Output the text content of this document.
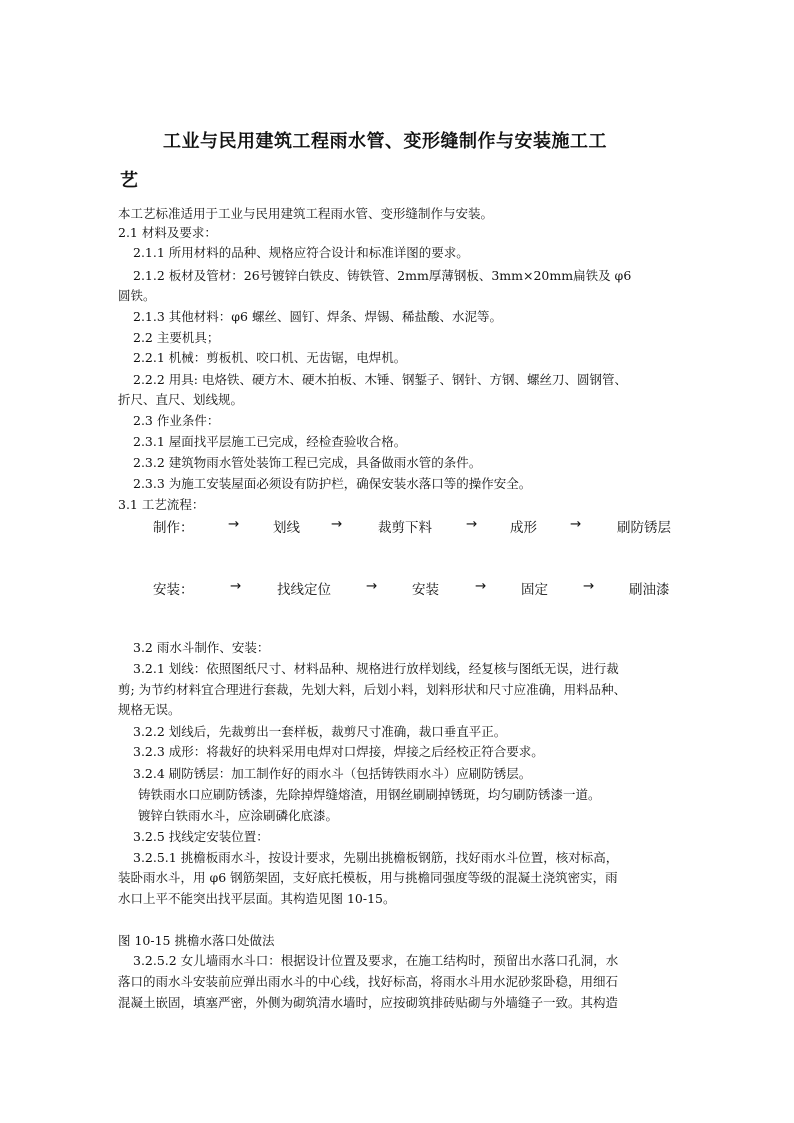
工业与民用建筑工程雨水管、变形缝制作与安装施工工
艺
本工艺标准适用于工业与民用建筑工程雨水管、变形缝制作与安装。
2.1 材料及要求：
2.1.1 所用材料的品种、规格应符合设计和标准详图的要求。
2.1.2 板材及管材：26号镀锌白铁皮、铸铁管、2mm厚薄钢板、3mm×20mm扁铁及 φ6
圆铁。
2.1.3 其他材料：φ6 螺丝、圆钉、焊条、焊锡、稀盐酸、水泥等。
2.2 主要机具；
2.2.1 机械：剪板机、咬口机、无齿锯，电焊机。
2.2.2 用具: 电烙铁、硬方木、硬木拍板、木锤、钢錾子、钢针、方钢、螺丝刀、圆钢管、
折尺、直尺、划线规。
2.3 作业条件：
2.3.1 屋面找平层施工已完成，经检查验收合格。
2.3.2 建筑物雨水管处装饰工程已完成，具备做雨水管的条件。
2.3.3 为施工安装屋面必须设有防护栏，确保安装水落口等的操作安全。
3.1 工艺流程：
制作：	→ 划线 →	裁剪下料	→ 成形 →	刷防锈层
安装：	→	找线定位	→	安装	→	固定	→	刷油漆
3.2 雨水斗制作、安装：
3.2.1 划线：依照图纸尺寸、材料品种、规格进行放样划线，经复核与图纸无误，进行裁
剪; 为节约材料宜合理进行套裁，先划大料，后划小料，划料形状和尺寸应准确，用料品种、
规格无误。
3.2.2 划线后，先裁剪出一套样板，裁剪尺寸准确，裁口垂直平正。
3.2.3 成形：将裁好的块料采用电焊对口焊接，焊接之后经校正符合要求。
3.2.4 刷防锈层：加工制作好的雨水斗（包括铸铁雨水斗）应刷防锈层。
铸铁雨水口应刷防锈漆，先除掉焊缝熔渣，用钢丝刷刷掉锈斑，均匀刷防锈漆一道。
镀锌白铁雨水斗，应涂刷磷化底漆。
3.2.5 找线定安装位置：
3.2.5.1 挑檐板雨水斗，按设计要求，先剔出挑檐板钢筋，找好雨水斗位置，核对标高，
装卧雨水斗，用 φ6 钢筋架固，支好底托模板，用与挑檐同强度等级的混凝土浇筑密实，雨
水口上平不能突出找平层面。其构造见图 10-15。
图 10-15 挑檐水落口处做法
3.2.5.2 女儿墙雨水斗口：根据设计位置及要求，在施工结构时，预留出水落口孔洞，水
落口的雨水斗安装前应弹出雨水斗的中心线，找好标高，将雨水斗用水泥砂浆卧稳，用细石
混凝土嵌固，填塞严密，外侧为砌筑清水墙时，应按砌筑排砖贴砌与外墙缝子一致。其构造
